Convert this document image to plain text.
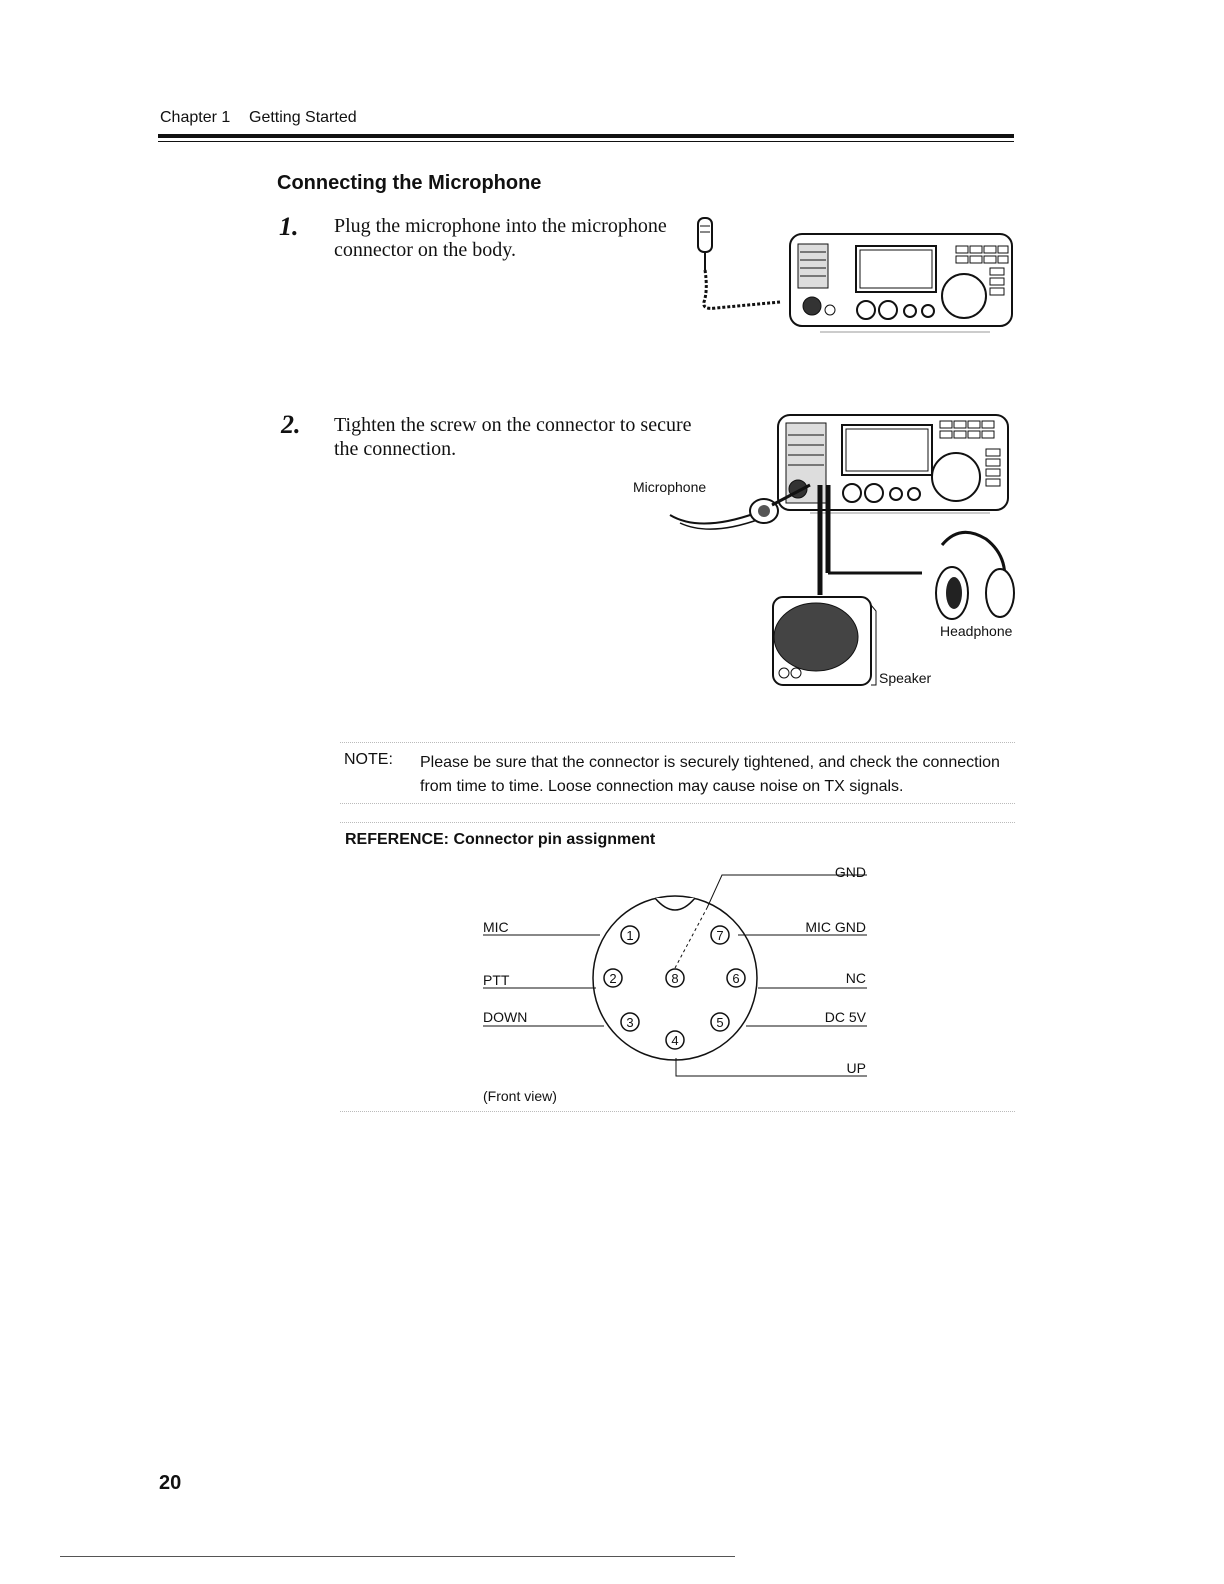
Chapter 1 Getting Started
Connecting the Microphone
1. Plug the microphone into the microphone connector on the body.
2. Tighten the screw on the connector to secure the connection.
Microphone
Headphone
Speaker
NOTE: Please be sure that the connector is securely tightened, and check the connection from time to time. Loose connection may cause noise on TX signals.
REFERENCE: Connector pin assignment
1
2
3
4
5
6
7
8
MIC
PTT
DOWN
GND
MIC GND
NC
DC 5V
UP
(Front view)
20
